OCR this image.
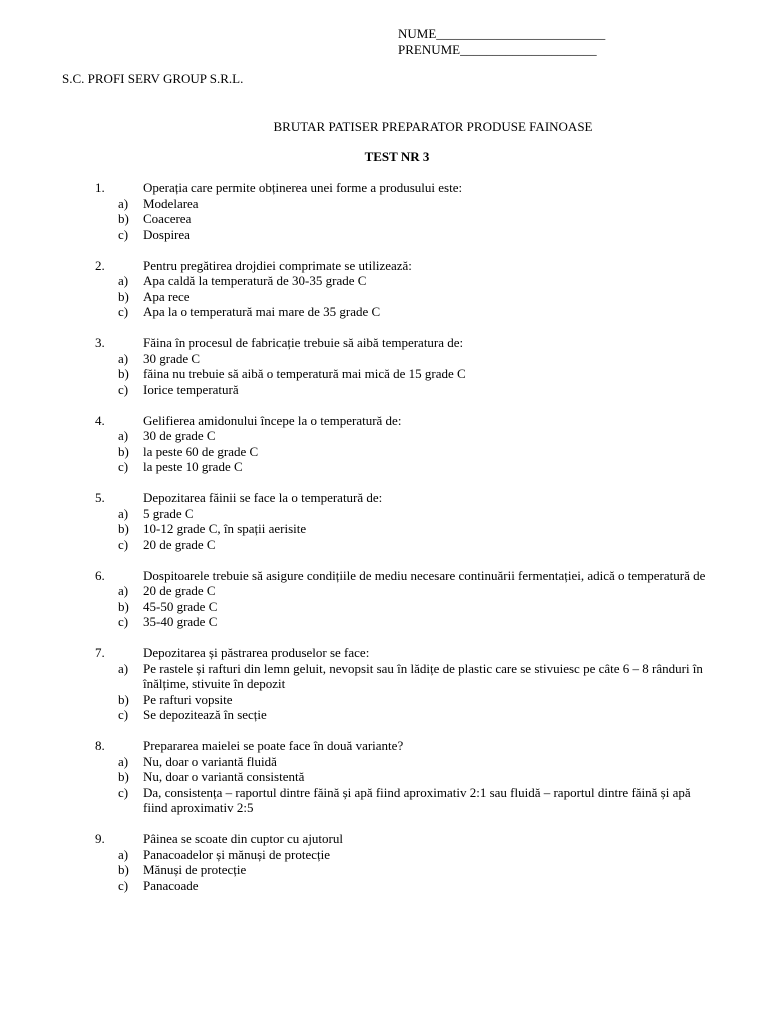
NUME__________________________
PRENUME_____________________
S.C. PROFI SERV GROUP S.R.L.
BRUTAR PATISER PREPARATOR PRODUSE FAINOASE
TEST NR 3
1.	Operația care permite obținerea unei forme a produsului este:
a)	Modelarea
b)	Coacerea
c)	Dospirea
2.	Pentru pregătirea drojdiei comprimate se utilizează:
a)	Apa caldă la temperatură de 30-35 grade C
b)	Apa rece
c)	Apa la o temperatură mai mare de 35 grade C
3.	Făina în procesul de fabricație trebuie să aibă temperatura de:
a)	30 grade C
b)	făina nu trebuie să aibă o temperatură mai mică de 15 grade C
c)	Iorice temperatură
4.	Gelifierea amidonului începe la o temperatură de:
a)	30 de grade C
b)	la peste 60 de grade C
c)	la peste 10 grade C
5.	Depozitarea făinii se face la o temperatură de:
a)	5 grade C
b)	10-12 grade C, în spații aerisite
c)	20 de grade C
6.	Dospitoarele trebuie să asigure condițiile de mediu necesare continuării fermentației, adică o temperatură de
a)	20 de grade C
b)	45-50 grade C
c)	35-40 grade C
7.	Depozitarea și păstrarea produselor se face:
a)	Pe rastele și rafturi din lemn geluit, nevopsit sau în lădițe de plastic care se stivuiesc pe câte 6 – 8 rânduri în înălțime, stivuite în depozit
b)	Pe rafturi vopsite
c)	Se depozitează în secție
8.	Prepararea maielei se poate face în două variante?
a)	Nu, doar o variantă fluidă
b)	Nu, doar o variantă consistentă
c)	Da, consistența – raportul dintre făină și apă fiind aproximativ 2:1 sau fluidă – raportul dintre făină și apă fiind aproximativ 2:5
9.	Pâinea se scoate din cuptor cu ajutorul
a)	Panacoadelor și mănuși de protecție
b)	Mănuși de protecție
c)	Panacoade
